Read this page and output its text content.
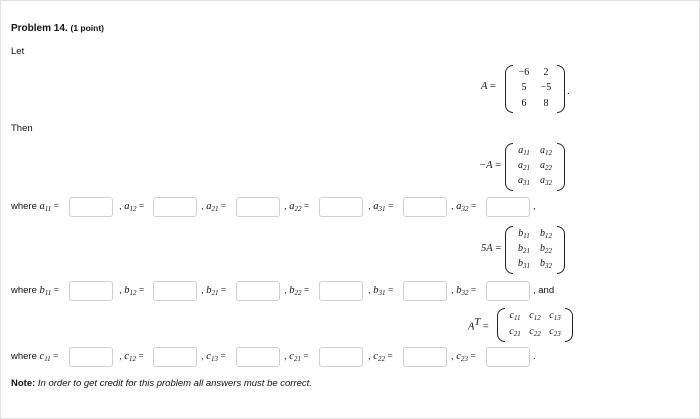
Problem 14. (1 point)
Let
A =
−6 2
5 −5
6 8
.
Then
−A =
$a_{11}$ $a_{12}$
$a_{21}$ $a_{22}$
$a_{31}$ $a_{32}$
where $a_{11}$ =	, $a_{12}$ =	, $a_{21}$ =	, $a_{22}$ =	, $a_{31}$ =	, $a_{32}$ =	,
5A =
$b_{11}$ $b_{12}$
$b_{21}$ $b_{22}$
$b_{31}$ $b_{32}$
where $b_{11}$ =	, $b_{12}$ =	, $b_{21}$ =	, $b_{22}$ =	, $b_{31}$ =	, $b_{32}$ =	, and
$A^T$ =
$c_{11}$ $c_{12}$ $c_{13}$
$c_{21}$ $c_{22}$ $c_{23}$
where $c_{11}$ =	, $c_{12}$ =	, $c_{13}$ =	, $c_{21}$ =	, $c_{22}$ =	, $c_{23}$ =	.
Note: In order to get credit for this problem all answers must be correct.
